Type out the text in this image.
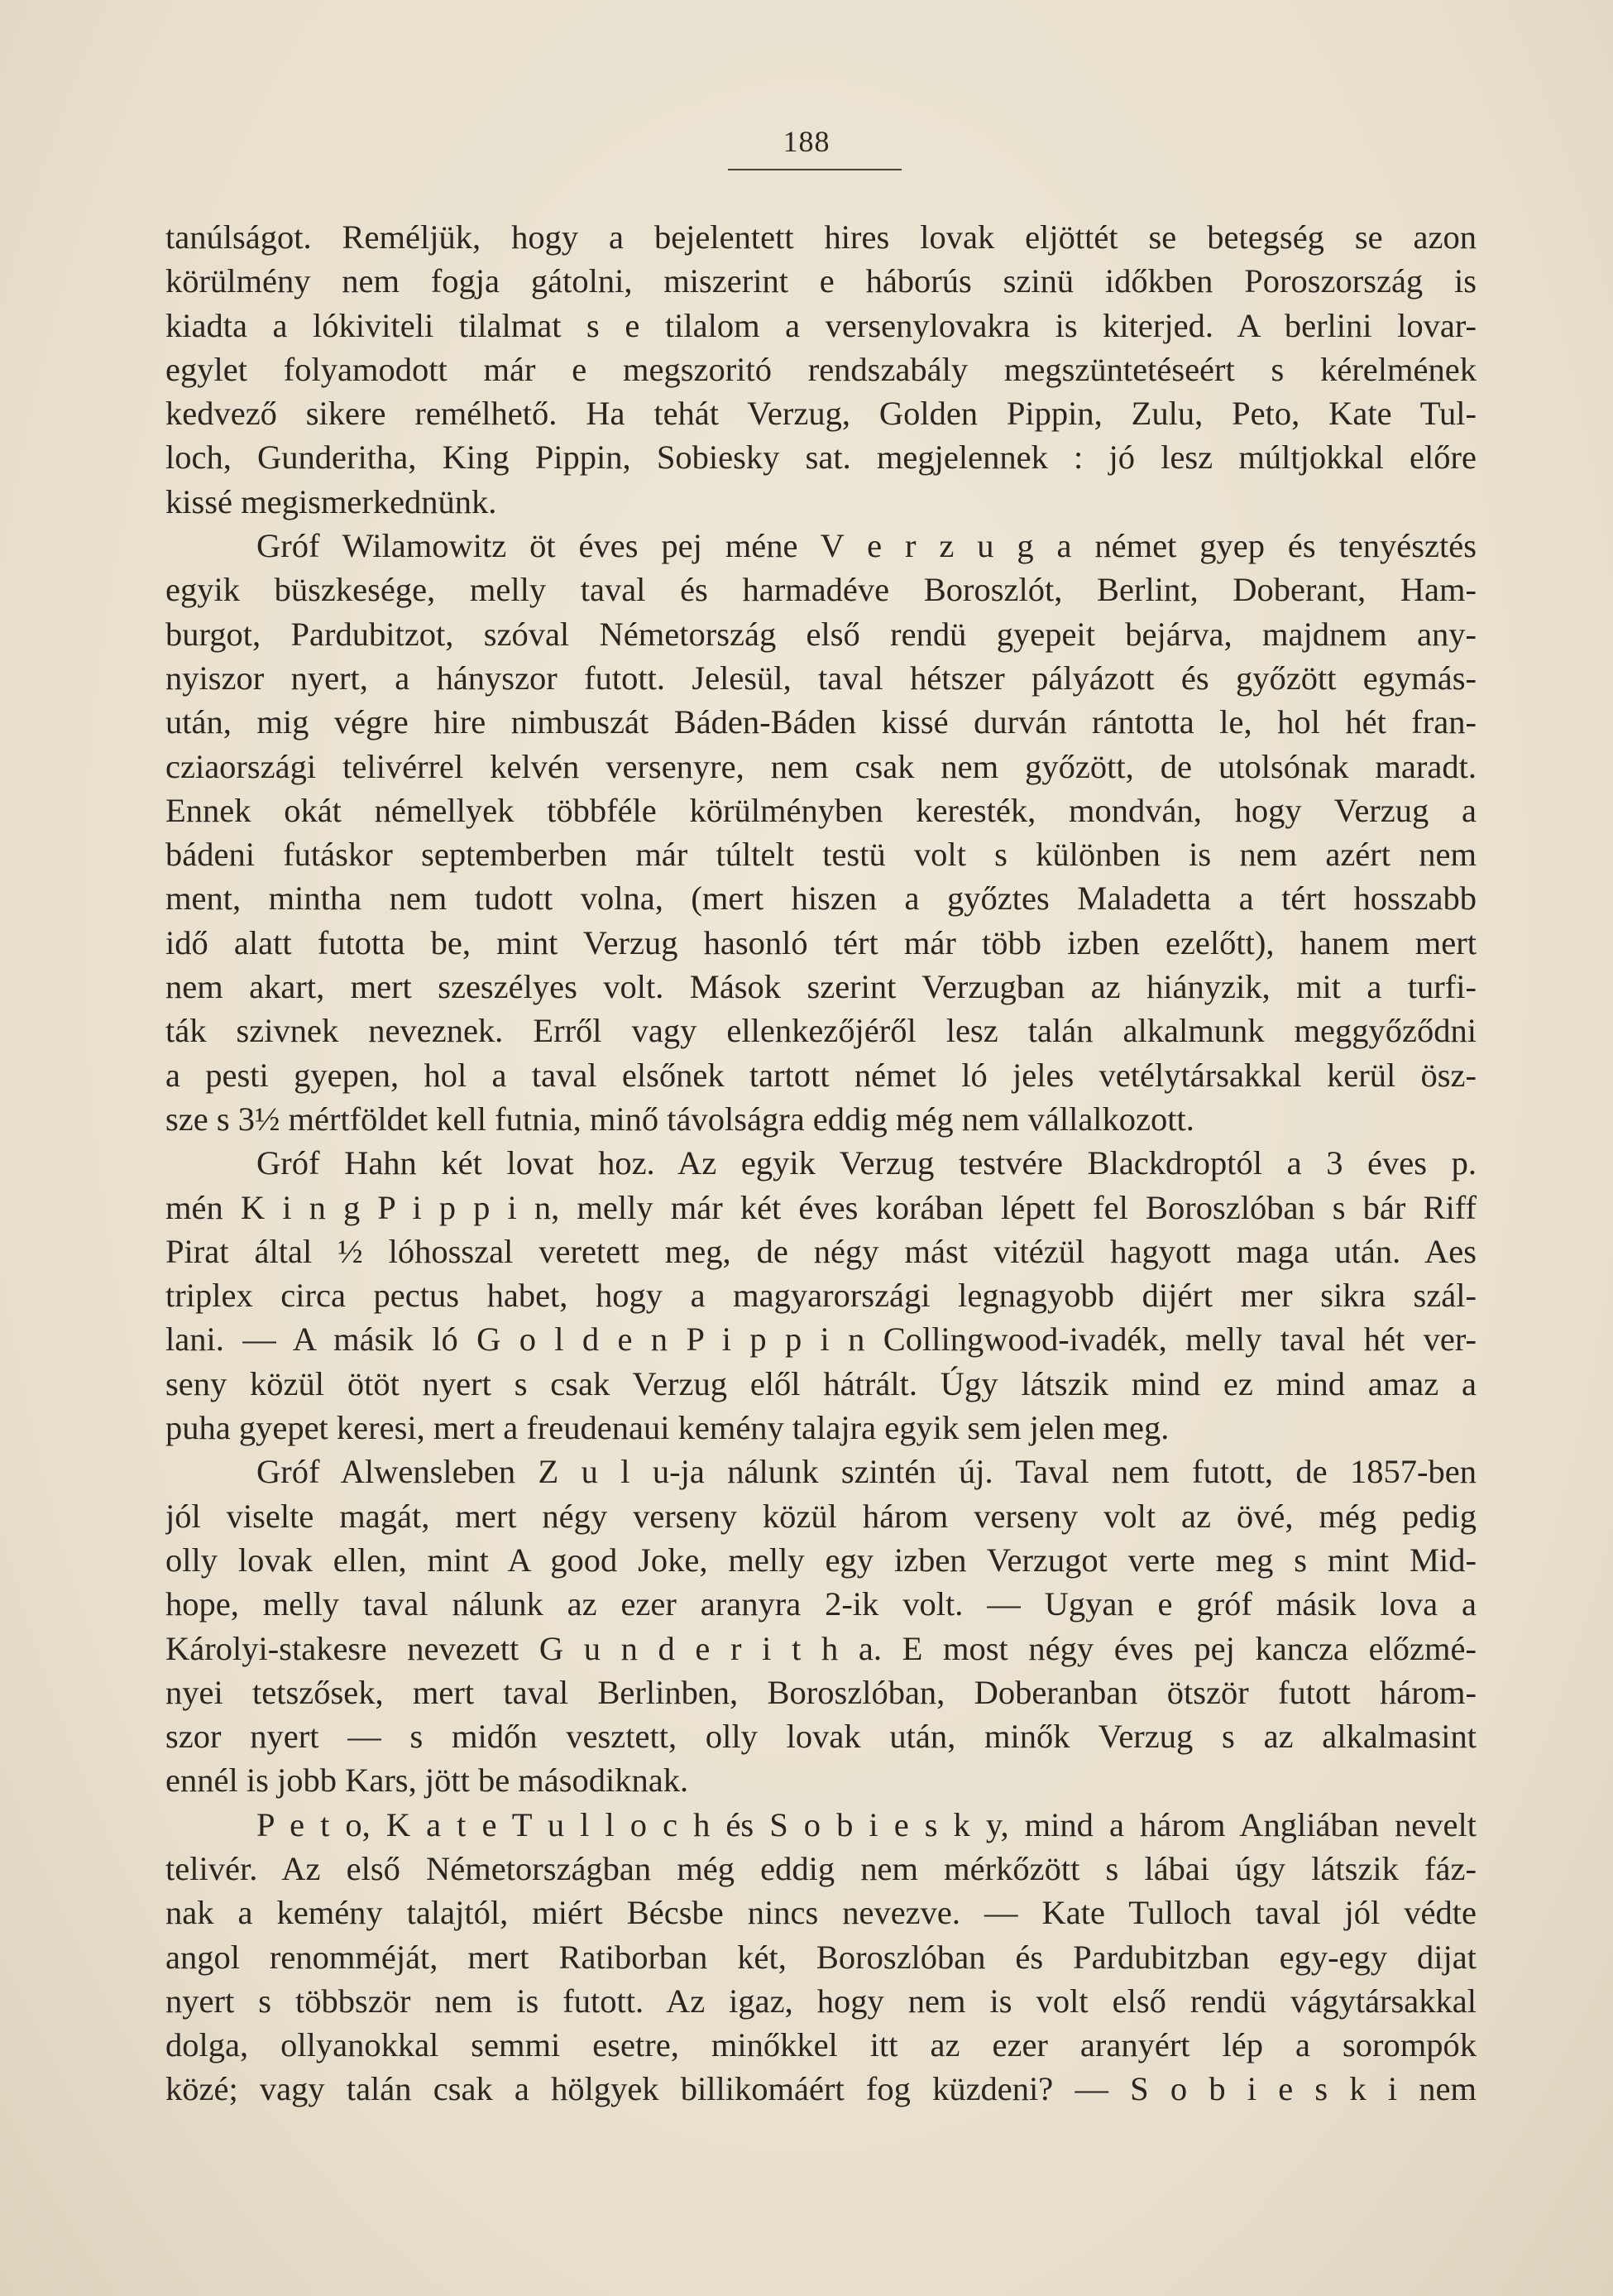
188
tanúlságot. Reméljük, hogy a bejelentett hires lovak eljöttét se betegség se azon
körülmény nem fogja gátolni, miszerint e háborús szinü időkben Poroszország is
kiadta a lókiviteli tilalmat s e tilalom a versenylovakra is kiterjed. A berlini lovar-
egylet folyamodott már e megszoritó rendszabály megszüntetéseért s kérelmének
kedvező sikere remélhető. Ha tehát Verzug, Golden Pippin, Zulu, Peto, Kate Tul-
loch, Gunderitha, King Pippin, Sobiesky sat. megjelennek : jó lesz múltjokkal előre
kissé megismerkednünk.
Gróf Wilamowitz öt éves pej méne V e r z u g a német gyep és tenyésztés
egyik büszkesége, melly taval és harmadéve Boroszlót, Berlint, Doberant, Ham-
burgot, Pardubitzot, szóval Németország első rendü gyepeit bejárva, majdnem any-
nyiszor nyert, a hányszor futott. Jelesül, taval hétszer pályázott és győzött egymás-
után, mig végre hire nimbuszát Báden-Báden kissé durván rántotta le, hol hét fran-
cziaországi telivérrel kelvén versenyre, nem csak nem győzött, de utolsónak maradt.
Ennek okát némellyek többféle körülményben keresték, mondván, hogy Verzug a
bádeni futáskor septemberben már túltelt testü volt s különben is nem azért nem
ment, mintha nem tudott volna, (mert hiszen a győztes Maladetta a tért hosszabb
idő alatt futotta be, mint Verzug hasonló tért már több izben ezelőtt), hanem mert
nem akart, mert szeszélyes volt. Mások szerint Verzugban az hiányzik, mit a turfi-
ták szivnek neveznek. Erről vagy ellenkezőjéről lesz talán alkalmunk meggyőződni
a pesti gyepen, hol a taval elsőnek tartott német ló jeles vetélytársakkal kerül ösz-
sze s 3½ mértföldet kell futnia, minő távolságra eddig még nem vállalkozott.
Gróf Hahn két lovat hoz. Az egyik Verzug testvére Blackdroptól a 3 éves p.
mén K i n g P i p p i n, melly már két éves korában lépett fel Boroszlóban s bár Riff
Pirat által ½ lóhosszal veretett meg, de négy mást vitézül hagyott maga után. Aes
triplex circa pectus habet, hogy a magyarországi legnagyobb dijért mer sikra szál-
lani. — A másik ló G o l d e n P i p p i n Collingwood-ivadék, melly taval hét ver-
seny közül ötöt nyert s csak Verzug elől hátrált. Úgy látszik mind ez mind amaz a
puha gyepet keresi, mert a freudenaui kemény talajra egyik sem jelen meg.
Gróf Alwensleben Z u l u-ja nálunk szintén új. Taval nem futott, de 1857-ben
jól viselte magát, mert négy verseny közül három verseny volt az övé, még pedig
olly lovak ellen, mint A good Joke, melly egy izben Verzugot verte meg s mint Mid-
hope, melly taval nálunk az ezer aranyra 2-ik volt. — Ugyan e gróf másik lova a
Károlyi-stakesre nevezett G u n d e r i t h a. E most négy éves pej kancza előzmé-
nyei tetszősek, mert taval Berlinben, Boroszlóban, Doberanban ötször futott három-
szor nyert — s midőn vesztett, olly lovak után, minők Verzug s az alkalmasint
ennél is jobb Kars, jött be másodiknak.
P e t o, K a t e T u l l o c h és S o b i e s k y, mind a három Angliában nevelt
telivér. Az első Németországban még eddig nem mérkőzött s lábai úgy látszik fáz-
nak a kemény talajtól, miért Bécsbe nincs nevezve. — Kate Tulloch taval jól védte
angol renomméját, mert Ratiborban két, Boroszlóban és Pardubitzban egy-egy dijat
nyert s többször nem is futott. Az igaz, hogy nem is volt első rendü vágytársakkal
dolga, ollyanokkal semmi esetre, minőkkel itt az ezer aranyért lép a sorompók
közé; vagy talán csak a hölgyek billikomáért fog küzdeni? — S o b i e s k i nem
